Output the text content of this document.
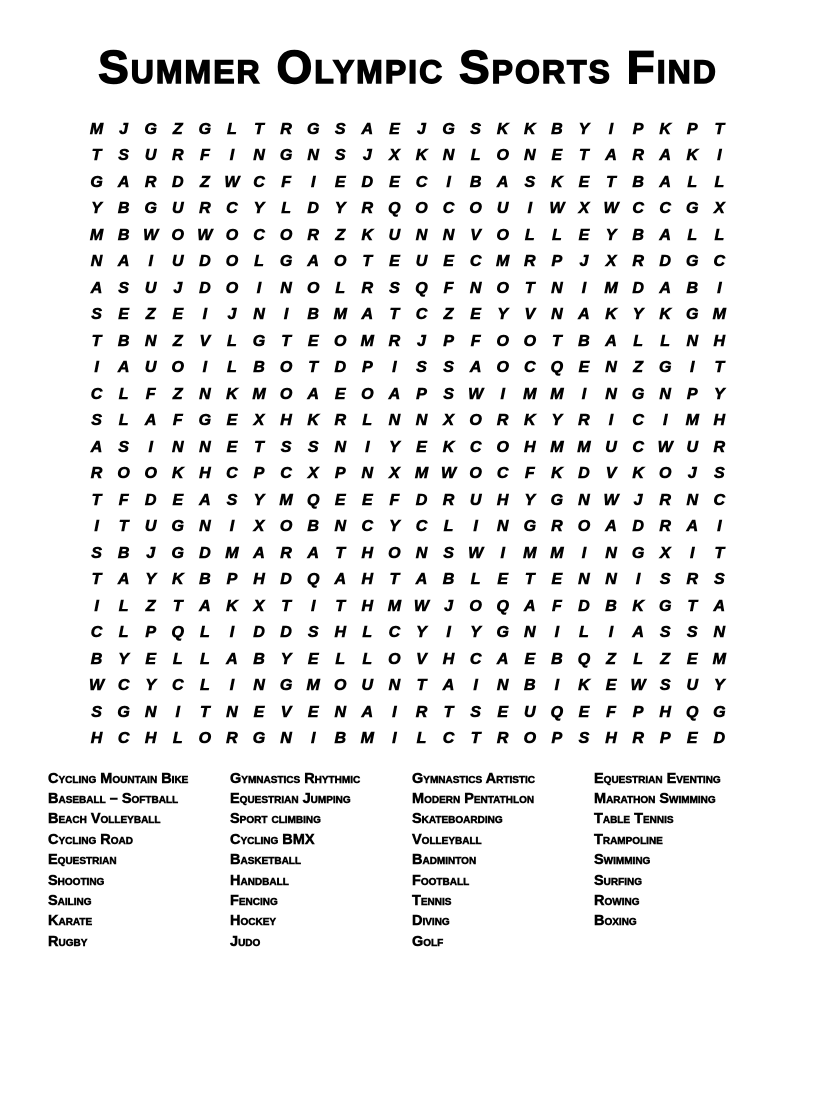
Summer Olympic Sports Find
M J	G Z G L	T	R G S A E	J	G S K K B Y	I	P K P	T
T	S U R	F	I	N G N S	J	X K N	L O N E	T	A R A K	I
G A R D	Z W C	F	I	E D E C	I	B A S K E	T	B A	L	L
Y B G U R C Y	L	D Y R Q O C O U	I	W X W C C G X
M B W O W O C O R	Z	K U N N V O L	L	E	Y B A	L	L
N A	I	U D O L G A O T	E U E C M R P	J	X R D G C
A S U	J	D O	I	N O L	R S Q F	N O T	N	I	M D A B	I
S	E	Z	E	I	J	N	I	B M A	T	C	Z	E	Y	V N A K Y K G M
T	B N	Z	V	L G T	E O M R	J	P	F O O T	B A	L	L	N H
I	A U O	I	L	B O T	D P	I	S	S A O C Q E N	Z G	I	T
C	L	F	Z	N K M O A E O A P	S W	I	M M	I	N G N P	Y
S	L	A	F G E	X H K R	L	N N X O R K Y R	I	C	I	M H
A S	I	N N E	T	S	S N	I	Y	E K C O H M M U C W U R
R O O K H C P C X	P N X M W O C	F	K D V K O	J	S
T	F	D E A S	Y M Q E	E	F	D R U H Y G N W J	R N C
I	T	U G N	I	X O B N C Y C	L	I	N G R O A D R A	I
S B	J	G D M A R A	T	H O N S W	I	M M	I	N G X	I	T
T	A Y K B P H D Q A H	T	A B	L	E	T	E N N	I	S R S
I	L	Z	T	A K X	T	I	T	H M W J	O Q A	F	D B K G T	A
C	L	P Q L	I	D D S H	L	C Y	I	Y G N	I	L	I	A S	S N
B Y	E	L	L	A B Y	E	L	L O V H C A E B Q Z	L	Z	E M
W C Y C	L	I	N G M O U N	T	A	I	N B	I	K E W S U Y
S G N	I	T	N E	V	E N A	I	R	T	S	E U Q E	F	P H Q G
H C H	L O R G N	I	B M	I	L	C	T	R O P	S H R P	E D
Cycling Mountain Bike
Baseball – Softball
Beach Volleyball
Cycling Road
Equestrian
Shooting
Sailing
Karate
Rugby
Gymnastics Rhythmic
Equestrian Jumping
Sport climbing
Cycling BMX
Basketball
Handball
Fencing
Hockey
Judo
Gymnastics Artistic
Modern Pentathlon
Skateboarding
Volleyball
Badminton
Football
Tennis
Diving
Golf
Equestrian Eventing
Marathon Swimming
Table Tennis
Trampoline
Swimming
Surfing
Rowing
Boxing
